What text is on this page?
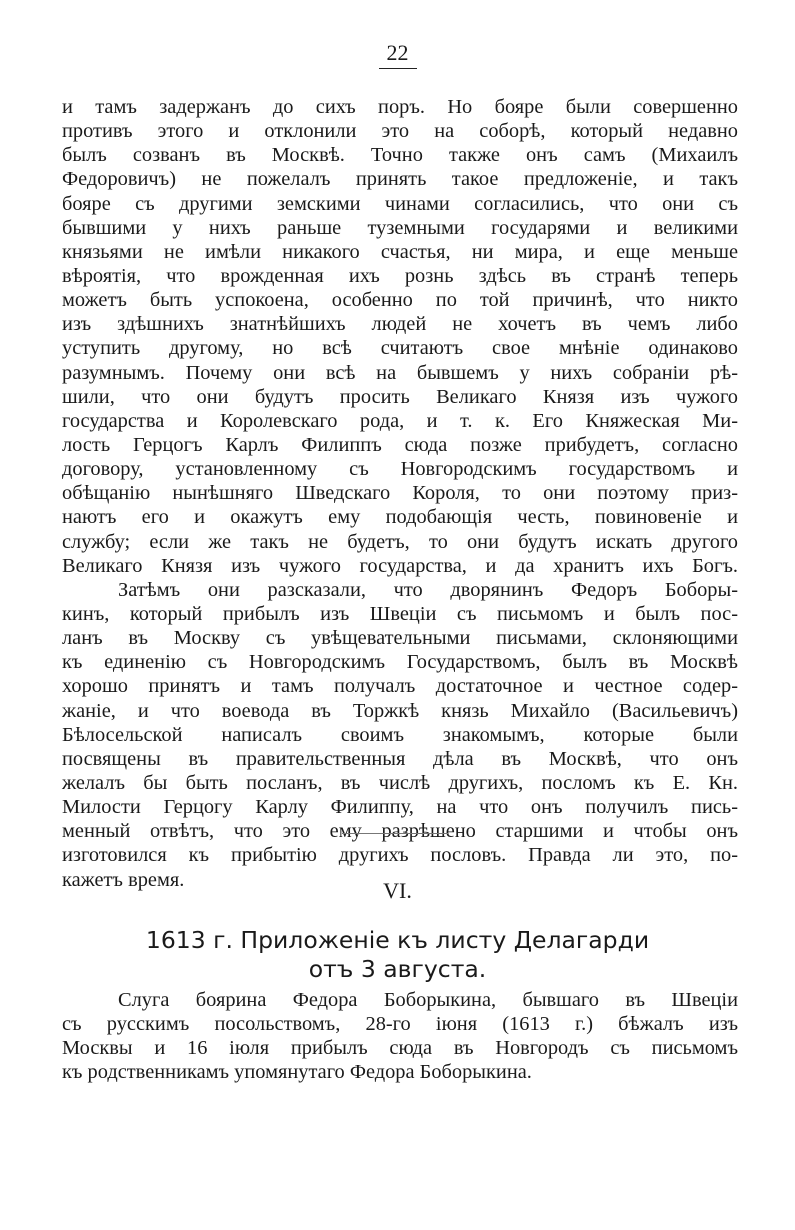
22
и тамъ задержанъ до сихъ поръ. Но бояре были совершенно
противъ этого и отклонили это на соборѣ, который недавно
былъ созванъ въ Москвѣ. Точно также онъ самъ (Михаилъ
Федоровичъ) не пожелалъ принять такое предложенiе, и такъ
бояре съ другими земскими чинами согласились, что они съ
бывшими у нихъ раньше туземными государями и великими
князьями не имѣли никакого счастья, ни мира, и еще меньше
вѣроятія, что врожденная ихъ рознь здѣсь въ странѣ теперь
можетъ быть успокоена, особенно по той причинѣ, что никто
изъ здѣшнихъ знатнѣйшихъ людей не хочетъ въ чемъ либо
уступить другому, но всѣ считаютъ свое мнѣнiе одинаково
разумнымъ. Почему они всѣ на бывшемъ у нихъ собранiи рѣ-
шили, что они будутъ просить Великаго Князя изъ чужого
государства и Королевскаго рода, и т. к. Его Княжеская Ми-
лость Герцогъ Карлъ Филиппъ сюда позже прибудетъ, согласно
договору, установленному съ Новгородскимъ государствомъ и
обѣщанiю нынѣшняго Шведскаго Короля, то они поэтому приз-
наютъ его и окажутъ ему подобающія честь, повиновенiе и
службу; если же такъ не будетъ, то они будутъ искать другого
Великаго Князя изъ чужого государства, и да хранитъ ихъ Богъ.
Затѣмъ они разсказали, что дворянинъ Федоръ Боборы-
кинъ, который прибылъ изъ Швецiи съ письмомъ и былъ пос-
ланъ въ Москву съ увѣщевательными письмами, склоняющими
къ единенiю съ Новгородскимъ Государствомъ, былъ въ Москвѣ
хорошо принятъ и тамъ получалъ достаточное и честное содер-
жанiе, и что воевода въ Торжкѣ князь Михайло (Васильевичъ)
Бѣлосельской написалъ своимъ знакомымъ, которые были
посвящены въ правительственныя дѣла въ Москвѣ, что онъ
желалъ бы быть посланъ, въ числѣ другихъ, посломъ къ Е. Кн.
Милости Герцогу Карлу Филиппу, на что онъ получилъ пись-
менный отвѣтъ, что это ему разрѣшено старшими и чтобы онъ
изготовился къ прибытiю другихъ пословъ. Правда ли это, по-
кажетъ время.	VI.
1613 г. Приложенiе къ листу Делагарди
отъ 3 августа.
Слуга боярина Федора Боборыкина, бывшаго въ Швецiи
съ русскимъ посольствомъ, 28-го iюня (1613 г.) бѣжалъ изъ
Москвы и 16 iюля прибылъ сюда въ Новгородъ съ письмомъ
къ родственникамъ упомянутаго Федора Боборыкина.
